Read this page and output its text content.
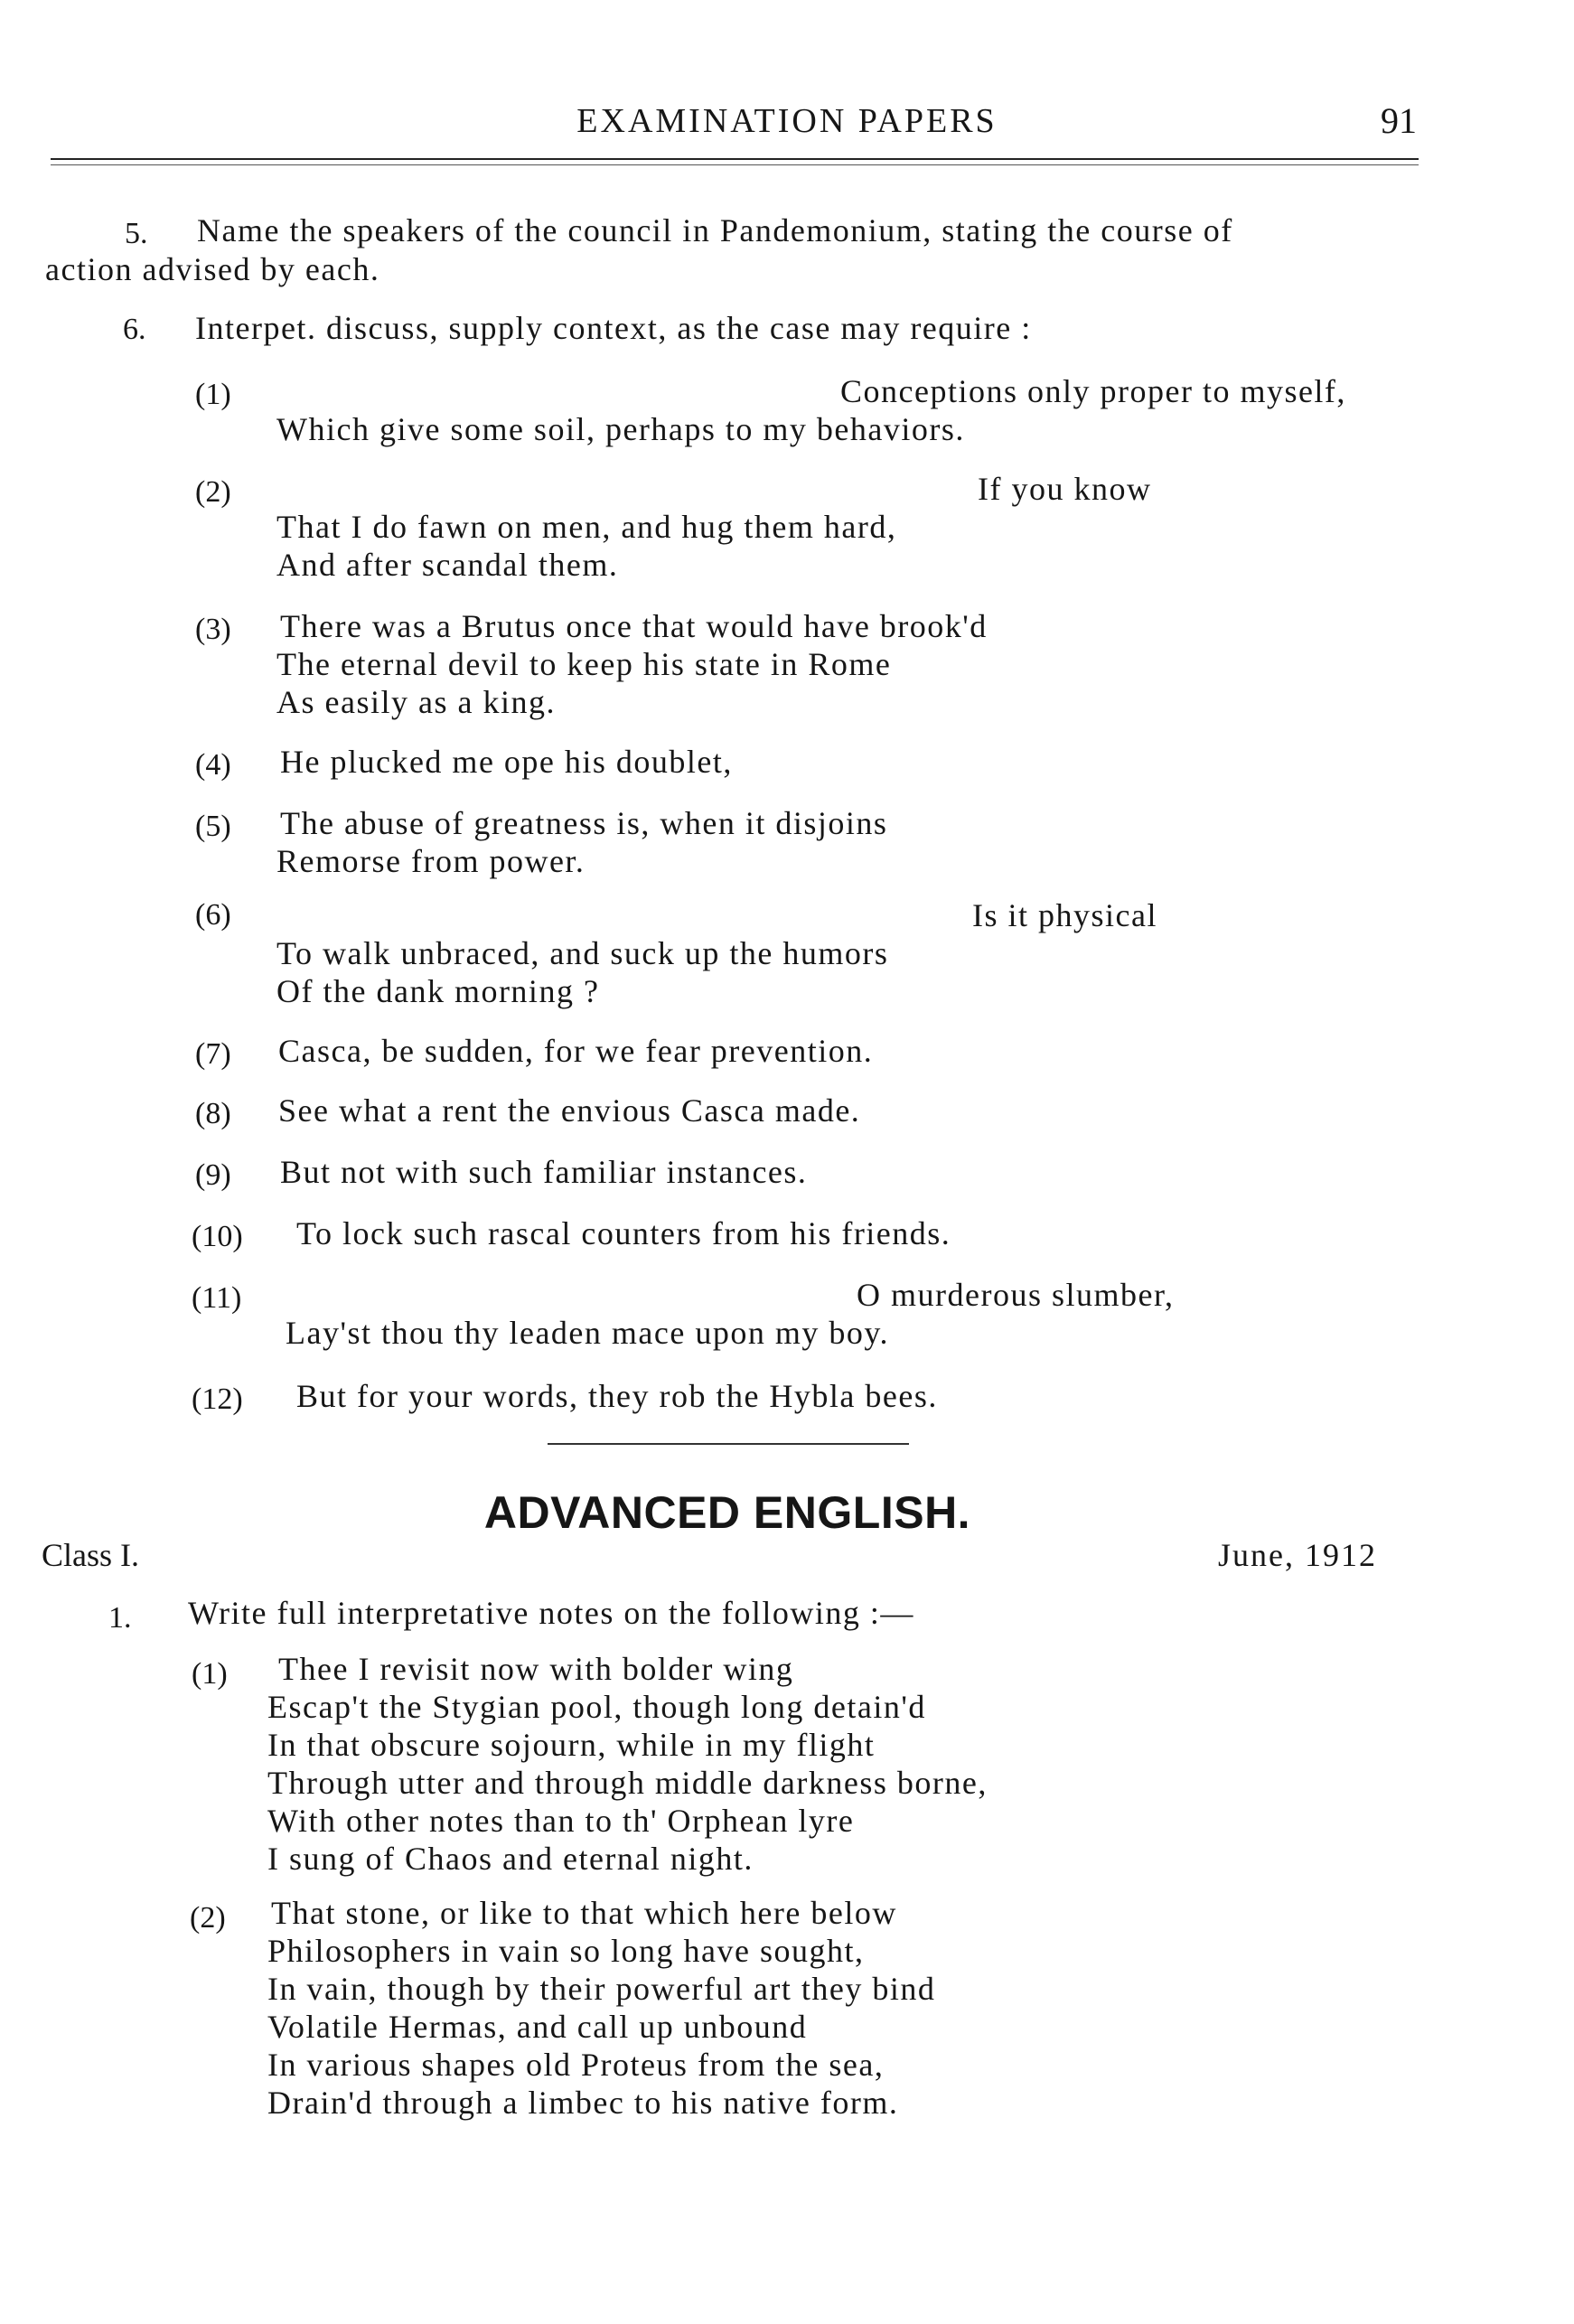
EXAMINATION PAPERS	91
5. Name the speakers of the council in Pandemonium, stating the course of
action advised by each.
6. Interpet. discuss, supply context, as the case may require :
(1)	Conceptions only proper to myself,
Which give some soil, perhaps to my behaviors.
(2)	If you know
That I do fawn on men, and hug them hard,
And after scandal them.
(3) There was a Brutus once that would have brook'd
The eternal devil to keep his state in Rome
As easily as a king.
(4) He plucked me ope his doublet,
(5) The abuse of greatness is, when it disjoins
Remorse from power.
(6)	Is it physical
To walk unbraced, and suck up the humors
Of the dank morning ?
(7) Casca, be sudden, for we fear prevention.
(8) See what a rent the envious Casca made.
(9) But not with such familiar instances.
(10) To lock such rascal counters from his friends.
(11)	O murderous slumber,
Lay'st thou thy leaden mace upon my boy.
(12) But for your words, they rob the Hybla bees.
ADVANCED ENGLISH.
Class I.	June, 1912
1. Write full interpretative notes on the following :—
(1) Thee I revisit now with bolder wing
Escap't the Stygian pool, though long detain'd
In that obscure sojourn, while in my flight
Through utter and through middle darkness borne,
With other notes than to th' Orphean lyre
I sung of Chaos and eternal night.
(2) That stone, or like to that which here below
Philosophers in vain so long have sought,
In vain, though by their powerful art they bind
Volatile Hermas, and call up unbound
In various shapes old Proteus from the sea,
Drain'd through a limbec to his native form.
